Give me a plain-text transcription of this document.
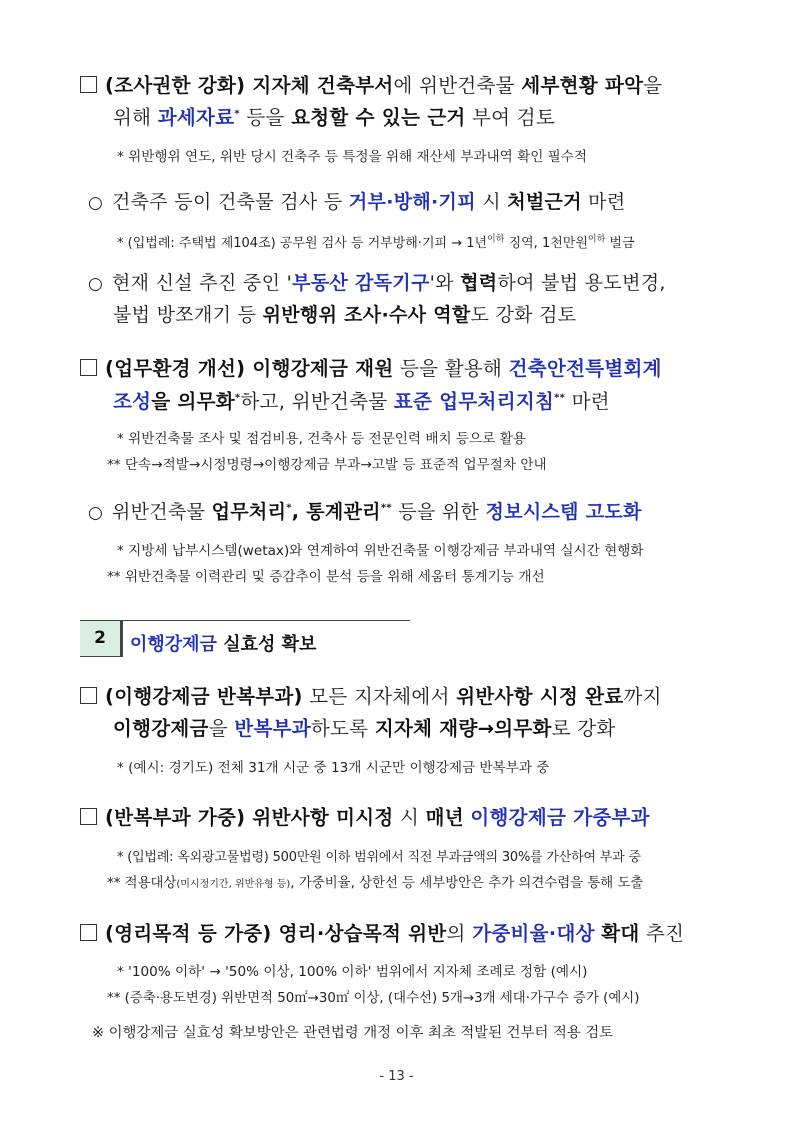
(조사권한 강화) 지자체 건축부서에 위반건축물 세부현황 파악을
위해 과세자료* 등을 요청할 수 있는 근거 부여 검토
* 위반행위 연도, 위반 당시 건축주 등 특정을 위해 재산세 부과내역 확인 필수적
○ 건축주 등이 건축물 검사 등 거부·방해·기피 시 처벌근거 마련
* (입법례: 주택법 제104조) 공무원 검사 등 거부방해·기피 → 1년$^{이하}$ 징역, 1천만원$^{이하}$ 벌금
○ 현재 신설 추진 중인 '부동산 감독기구'와 협력하여 불법 용도변경,
불법 방쪼개기 등 위반행위 조사·수사 역할도 강화 검토
(업무환경 개선) 이행강제금 재원 등을 활용해 건축안전특별회계
조성을 의무화*하고, 위반건축물 표준 업무처리지침** 마련
* 위반건축물 조사 및 점검비용, 건축사 등 전문인력 배치 등으로 활용
** 단속→적발→시정명령→이행강제금 부과→고발 등 표준적 업무절차 안내
○ 위반건축물 업무처리*, 통계관리** 등을 위한 정보시스템 고도화
* 지방세 납부시스템(wetax)와 연계하여 위반건축물 이행강제금 부과내역 실시간 현행화
** 위반건축물 이력관리 및 증감추이 분석 등을 위해 세움터 통계기능 개선
2	이행강제금 실효성 확보
(이행강제금 반복부과) 모든 지자체에서 위반사항 시정 완료까지
이행강제금을 반복부과하도록 지자체 재량→의무화로 강화
* (예시: 경기도) 전체 31개 시군 중 13개 시군만 이행강제금 반복부과 중
(반복부과 가중) 위반사항 미시정 시 매년 이행강제금 가중부과
* (입법례: 옥외광고물법령) 500만원 이하 범위에서 직전 부과금액의 30%를 가산하여 부과 중
** 적용대상(미시정기간, 위반유형 등), 가중비율, 상한선 등 세부방안은 추가 의견수렴을 통해 도출
(영리목적 등 가중) 영리·상습목적 위반의 가중비율·대상 확대 추진
* '100% 이하' → '50% 이상, 100% 이하' 범위에서 지자체 조례로 정함 (예시)
** (증축·용도변경) 위반면적 50㎡→30㎡ 이상, (대수선) 5개→3개 세대·가구수 증가 (예시)
※ 이행강제금 실효성 확보방안은 관련법령 개정 이후 최초 적발된 건부터 적용 검토
- 13 -
